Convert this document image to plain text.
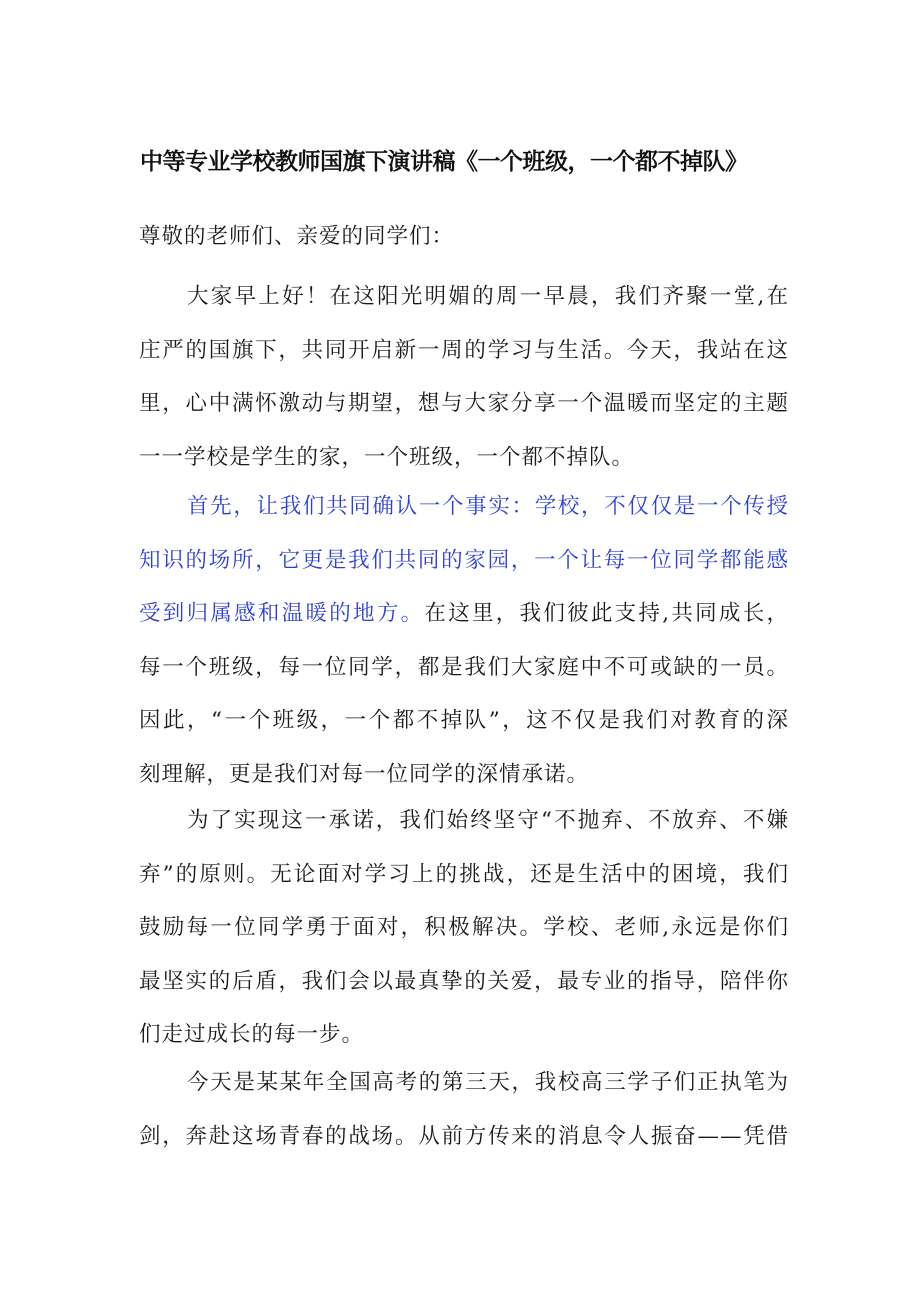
中等专业学校教师国旗下演讲稿《一个班级，一个都不掉队》
尊敬的老师们、亲爱的同学们：
大家早上好！在这阳光明媚的周一早晨，我们齐聚一堂,在
庄严的国旗下，共同开启新一周的学习与生活。今天，我站在这
里，心中满怀激动与期望，想与大家分享一个温暖而坚定的主题
一一学校是学生的家，一个班级，一个都不掉队。
首先，让我们共同确认一个事实：学校，不仅仅是一个传授
知识的场所，它更是我们共同的家园，一个让每一位同学都能感
受到归属感和温暖的地方。在这里，我们彼此支持,共同成长，
每一个班级，每一位同学，都是我们大家庭中不可或缺的一员。
因此，“一个班级，一个都不掉队”，这不仅是我们对教育的深
刻理解，更是我们对每一位同学的深情承诺。
为了实现这一承诺，我们始终坚守“不抛弃、不放弃、不嫌
弃”的原则。无论面对学习上的挑战，还是生活中的困境，我们
鼓励每一位同学勇于面对，积极解决。学校、老师,永远是你们
最坚实的后盾，我们会以最真挚的关爱，最专业的指导，陪伴你
们走过成长的每一步。
今天是某某年全国高考的第三天，我校高三学子们正执笔为
剑，奔赴这场青春的战场。从前方传来的消息令人振奋——凭借
